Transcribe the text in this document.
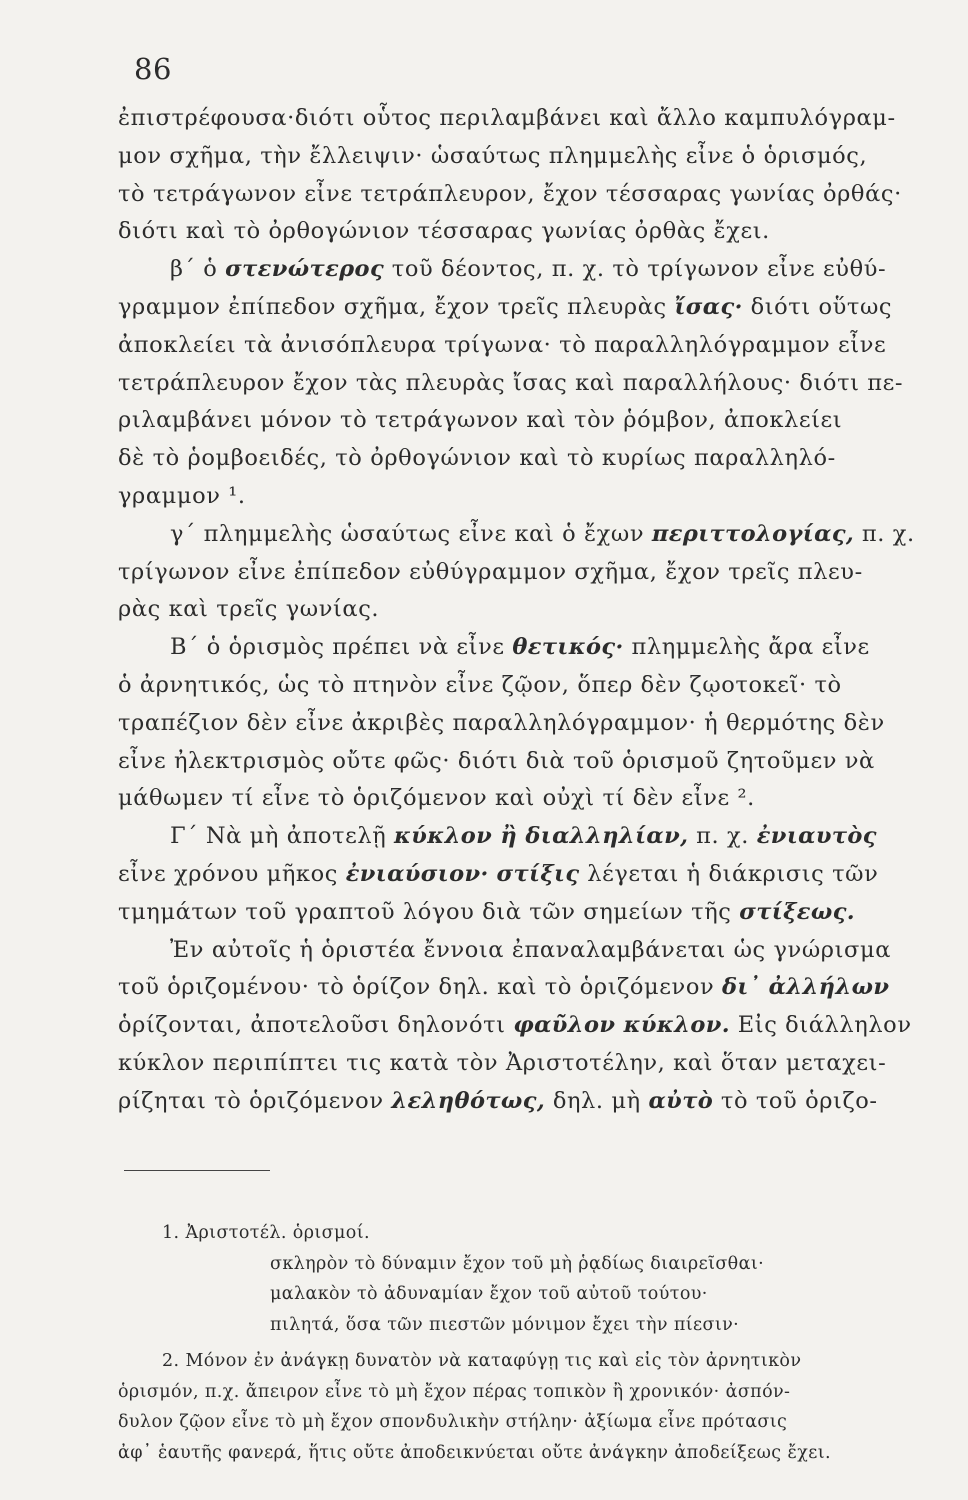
86
ἐπιστρέφουσα·διότι οὗτος περιλαμβάνει καὶ ἄλλο καμπυλόγραμ-
μον σχῆμα, τὴν ἔλλειψιν· ὡσαύτως πλημμελὴς εἶνε ὁ ὁρισμός,
τὸ τετράγωνον εἶνε τετράπλευρον, ἔχον τέσσαρας γωνίας ὀρθάς·
διότι καὶ τὸ ὀρθογώνιον τέσσαρας γωνίας ὀρθὰς ἔχει.
β΄ ὁ στενώτερος τοῦ δέοντος, π. χ. τὸ τρίγωνον εἶνε εὐθύ-
γραμμον ἐπίπεδον σχῆμα, ἔχον τρεῖς πλευρὰς ἴσας· διότι οὕτως
ἀποκλείει τὰ ἀνισόπλευρα τρίγωνα· τὸ παραλληλόγραμμον εἶνε
τετράπλευρον ἔχον τὰς πλευρὰς ἴσας καὶ παραλλήλους· διότι πε-
ριλαμβάνει μόνον τὸ τετράγωνον καὶ τὸν ῥόμβον, ἀποκλείει
δὲ τὸ ῥομβοειδές, τὸ ὀρθογώνιον καὶ τὸ κυρίως παραλληλό-
γραμμον ¹.
γ΄ πλημμελὴς ὡσαύτως εἶνε καὶ ὁ ἔχων περιττολογίας, π. χ.
τρίγωνον εἶνε ἐπίπεδον εὐθύγραμμον σχῆμα, ἔχον τρεῖς πλευ-
ρὰς καὶ τρεῖς γωνίας.
Β΄ ὁ ὁρισμὸς πρέπει νὰ εἶνε θετικός· πλημμελὴς ἄρα εἶνε
ὁ ἀρνητικός, ὡς τὸ πτηνὸν εἶνε ζῷον, ὅπερ δὲν ζῳοτοκεῖ· τὸ
τραπέζιον δὲν εἶνε ἀκριβὲς παραλληλόγραμμον· ἡ θερμότης δὲν
εἶνε ἠλεκτρισμὸς οὔτε φῶς· διότι διὰ τοῦ ὁρισμοῦ ζητοῦμεν νὰ
μάθωμεν τί εἶνε τὸ ὁριζόμενον καὶ οὐχὶ τί δὲν εἶνε ².
Γ΄ Νὰ μὴ ἀποτελῇ κύκλον ἢ διαλληλίαν, π. χ. ἐνιαυτὸς
εἶνε χρόνου μῆκος ἐνιαύσιον· στίξις λέγεται ἡ διάκρισις τῶν
τμημάτων τοῦ γραπτοῦ λόγου διὰ τῶν σημείων τῆς στίξεως.
Ἐν αὐτοῖς ἡ ὁριστέα ἔννοια ἐπαναλαμβάνεται ὡς γνώρισμα
τοῦ ὁριζομένου· τὸ ὁρίζον δηλ. καὶ τὸ ὁριζόμενον δι᾽ ἀλλήλων
ὁρίζονται, ἀποτελοῦσι δηλονότι φαῦλον κύκλον. Εἰς διάλληλον
κύκλον περιπίπτει τις κατὰ τὸν Ἀριστοτέλην, καὶ ὅταν μεταχει-
ρίζηται τὸ ὁριζόμενον λεληθότως, δηλ. μὴ αὐτὸ τὸ τοῦ ὁριζο-
1. Ἀριστοτέλ. ὁρισμοί.
σκληρὸν τὸ δύναμιν ἔχον τοῦ μὴ ῥᾳδίως διαιρεῖσθαι·
μαλακὸν τὸ ἀδυναμίαν ἔχον τοῦ αὐτοῦ τούτου·
πιλητά, ὅσα τῶν πιεστῶν μόνιμον ἔχει τὴν πίεσιν·
2. Μόνον ἐν ἀνάγκῃ δυνατὸν νὰ καταφύγῃ τις καὶ εἰς τὸν ἀρνητικὸν
ὁρισμόν, π.χ. ἄπειρον εἶνε τὸ μὴ ἔχον πέρας τοπικὸν ἢ χρονικόν· ἀσπόν-
δυλον ζῷον εἶνε τὸ μὴ ἔχον σπονδυλικὴν στήλην· ἀξίωμα εἶνε πρότασις
ἀφ᾽ ἑαυτῆς φανερά, ἥτις οὔτε ἀποδεικνύεται οὔτε ἀνάγκην ἀποδείξεως ἔχει.
